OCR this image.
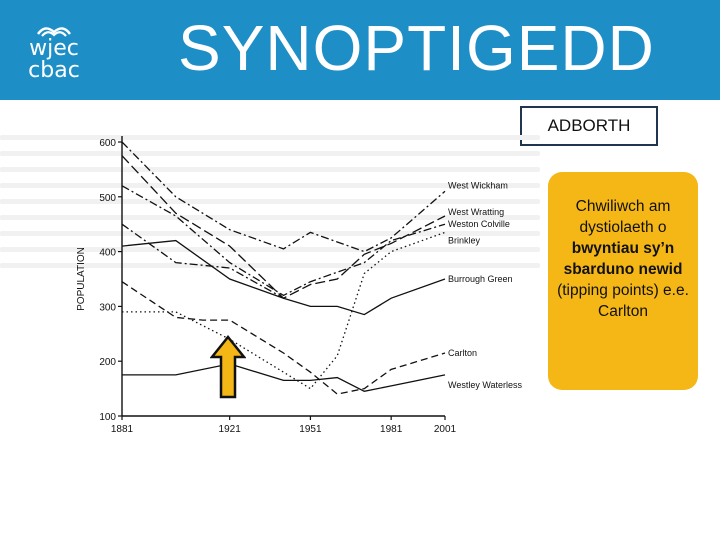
wjec
cbac SYNOPTIGEDD
ADBORTH
100
200
300
400
500
600
1881	1921	1951	1981	2001
POPULATION
West Wickham
West Wratting
Weston Colville
Brinkley
Burrough Green
Carlton
Westley Waterless
Chwiliwch am dystiolaeth o bwyntiau sy’n sbarduno newid (tipping points) e.e. Carlton
